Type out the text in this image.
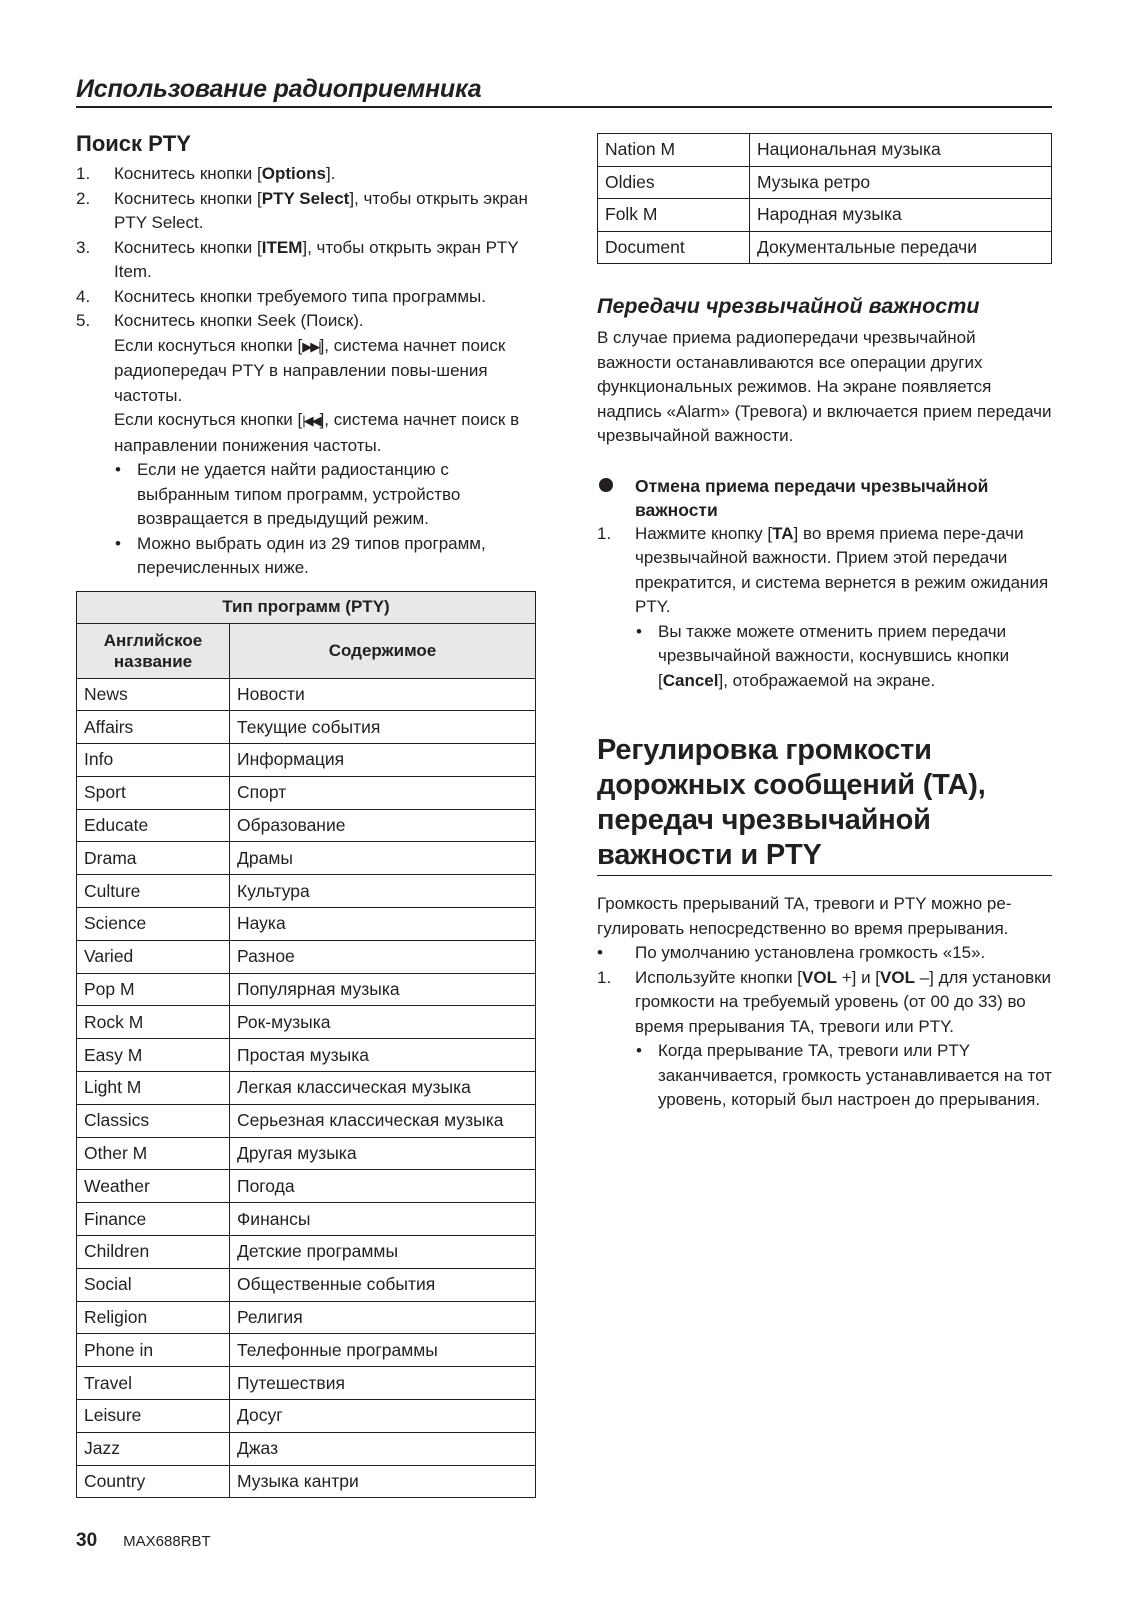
Использование радиоприемника
Поиск PTY
1. Коснитесь кнопки [Options].
2. Коснитесь кнопки [PTY Select], чтобы открыть экран PTY Select.
3. Коснитесь кнопки [ITEM], чтобы открыть экран PTY Item.
4. Коснитесь кнопки требуемого типа программы.
5. Коснитесь кнопки Seek (Поиск).
Если коснуться кнопки [▶▶|], система начнет поиск радиопередач PTY в направлении повы-шения частоты.
Если коснуться кнопки [|◀◀], система начнет поиск в направлении понижения частоты.
• Если не удается найти радиостанцию с выбранным типом программ, устройство возвращается в предыдущий режим.
• Можно выбрать один из 29 типов программ, перечисленных ниже.
Тип программ (PTY)	
Английское название	Содержимое
News	Новости
Affairs	Текущие события
Info	Информация
Sport	Спорт
Educate	Образование
Drama	Драмы
Culture	Культура
Science	Наука
Varied	Разное
Pop M	Популярная музыка
Rock M	Рок-музыка
Easy M	Простая музыка
Light M	Легкая классическая музыка
Classics	Серьезная классическая музыка
Other M	Другая музыка
Weather	Погода
Finance	Финансы
Children	Детские программы
Social	Общественные события
Religion	Религия
Phone in	Телефонные программы
Travel	Путешествия
Leisure	Досуг
Jazz	Джаз
Country	Музыка кантри
Nation M	Национальная музыка
Oldies	Музыка ретро
Folk M	Народная музыка
Document	Документальные передачи
Передачи чрезвычайной важности

В случае приема радиопередачи чрезвычайной важности останавливаются все операции других функциональных режимов. На экране появляется надпись «Alarm» (Тревога) и включается прием передачи чрезвычайной важности.

Отмена приема передачи чрезвычайной важности
1. Нажмите кнопку [TA] во время приема пере-дачи чрезвычайной важности. Прием этой передачи прекратится, и система вернется в режим ожидания PTY.
• Вы также можете отменить прием передачи чрезвычайной важности, коснувшись кнопки [Cancel], отображаемой на экране.
Регулировка громкости дорожных сообщений (TA), передач чрезвычайной важности и PTY

Громкость прерываний TA, тревоги и PTY можно ре-гулировать непосредственно во время прерывания.

• По умолчанию установлена громкость «15».
1. Используйте кнопки [VOL +] и [VOL –] для установки громкости на требуемый уровень (от 00 до 33) во время прерывания TA, тревоги или PTY.
• Когда прерывание TA, тревоги или PTY заканчивается, громкость устанавливается на тот уровень, который был настроен до прерывания.
30 MAX688RBT
